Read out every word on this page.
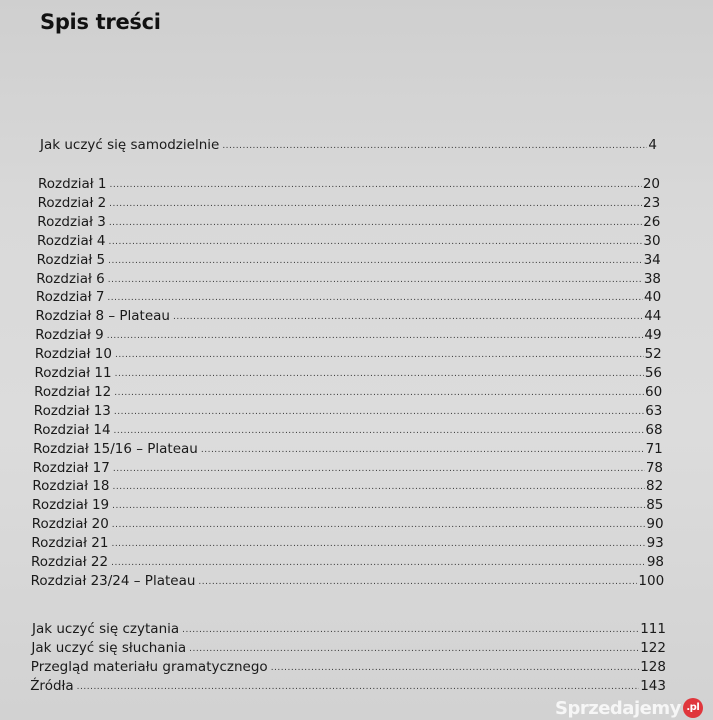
Spis treści
Jak uczyć się samodzielnie .....	4
Rozdział 1 .....	20
Rozdział 2 .....	23
Rozdział 3 .....	26
Rozdział 4 .....	30
Rozdział 5 .....	34
Rozdział 6 .....	38
Rozdział 7 .....	40
Rozdział 8 – Plateau .....	44
Rozdział 9 .....	49
Rozdział 10 .....	52
Rozdział 11 .....	56
Rozdział 12 .....	60
Rozdział 13 .....	63
Rozdział 14 .....	68
Rozdział 15/16 – Plateau .....	71
Rozdział 17 .....	78
Rozdział 18 .....	82
Rozdział 19 .....	85
Rozdział 20 .....	90
Rozdział 21 .....	93
Rozdział 22 .....	98
Rozdział 23/24 – Plateau .....	100
Jak uczyć się czytania .....	111
Jak uczyć się słuchania .....	122
Przegląd materiału gramatycznego .....	128
Źródła .....	143
Sprzedajemy .pl
